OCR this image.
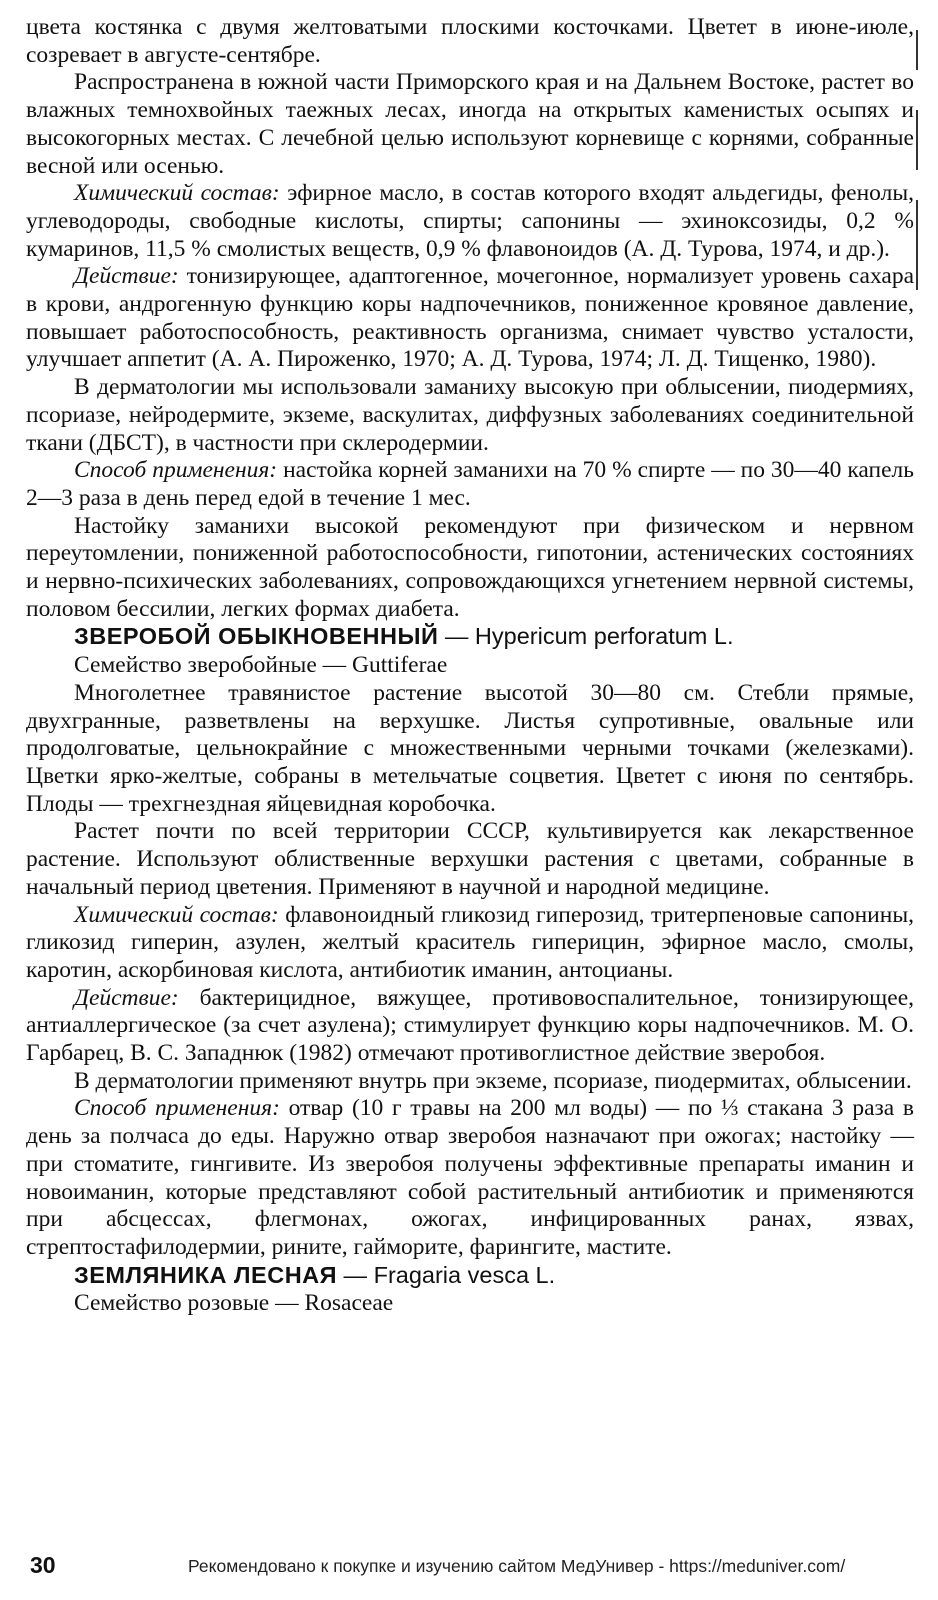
цвета костянка с двумя желтоватыми плоскими косточками. Цветет в июне-июле, созревает в августе-сентябре.

Распространена в южной части Приморского края и на Дальнем Востоке, растет во влажных темнохвойных таежных лесах, иногда на открытых каменистых осыпях и высокогорных местах. С лечебной целью используют корневище с корнями, собранные весной или осенью.

Химический состав: эфирное масло, в состав которого входят альдегиды, фенолы, углеводороды, свободные кислоты, спирты; сапонины — эхиноксозиды, 0,2 % кумаринов, 11,5 % смолистых веществ, 0,9 % флавоноидов (А. Д. Турова, 1974, и др.).

Действие: тонизирующее, адаптогенное, мочегонное, нормализует уровень сахара в крови, андрогенную функцию коры надпочечников, пониженное кровяное давление, повышает работоспособность, реактивность организма, снимает чувство усталости, улучшает аппетит (А. А. Пироженко, 1970; А. Д. Турова, 1974; Л. Д. Тищенко, 1980).

В дерматологии мы использовали заманиху высокую при облысении, пиодермиях, псориазе, нейродермите, экземе, васкулитах, диффузных заболеваниях соединительной ткани (ДБСТ), в частности при склеродермии.

Способ применения: настойка корней заманихи на 70 % спирте — по 30—40 капель 2—3 раза в день перед едой в течение 1 мес.

Настойку заманихи высокой рекомендуют при физическом и нервном переутомлении, пониженной работоспособности, гипотонии, астенических состояниях и нервно-психических заболеваниях, сопровождающихся угнетением нервной системы, половом бессилии, легких формах диабета.

ЗВЕРОБОЙ ОБЫКНОВЕННЫЙ — Hypericum perforatum L.

Семейство зверобойные — Guttiferae

Многолетнее травянистое растение высотой 30—80 см. Стебли прямые, двухгранные, разветвлены на верхушке. Листья супротивные, овальные или продолговатые, цельнокрайние с множественными черными точками (железками). Цветки ярко-желтые, собраны в метельчатые соцветия. Цветет с июня по сентябрь. Плоды — трехгнездная яйцевидная коробочка.

Растет почти по всей территории СССР, культивируется как лекарственное растение. Используют облиственные верхушки растения с цветами, собранные в начальный период цветения. Применяют в научной и народной медицине.

Химический состав: флавоноидный гликозид гиперозид, тритерпеновые сапонины, гликозид гиперин, азулен, желтый краситель гиперицин, эфирное масло, смолы, каротин, аскорбиновая кислота, антибиотик иманин, антоцианы.

Действие: бактерицидное, вяжущее, противовоспалительное, тонизирующее, антиаллергическое (за счет азулена); стимулирует функцию коры надпочечников. М. О. Гарбарец, В. С. Западнюк (1982) отмечают противоглистное действие зверобоя.

В дерматологии применяют внутрь при экземе, псориазе, пиодермитах, облысении.

Способ применения: отвар (10 г травы на 200 мл воды) — по ⅓ стакана 3 раза в день за полчаса до еды. Наружно отвар зверобоя назначают при ожогах; настойку — при стоматите, гингивите. Из зверобоя получены эффективные препараты иманин и новоиманин, которые представляют собой растительный антибиотик и применяются при абсцессах, флегмонах, ожогах, инфицированных ранах, язвах, стрептостафилодермии, рините, гайморите, фарингите, мастите.

ЗЕМЛЯНИКА ЛЕСНАЯ — Fragaria vesca L.

Семейство розовые — Rosaceae

30	Рекомендовано к покупке и изучению сайтом МедУнивер - https://meduniver.com/
